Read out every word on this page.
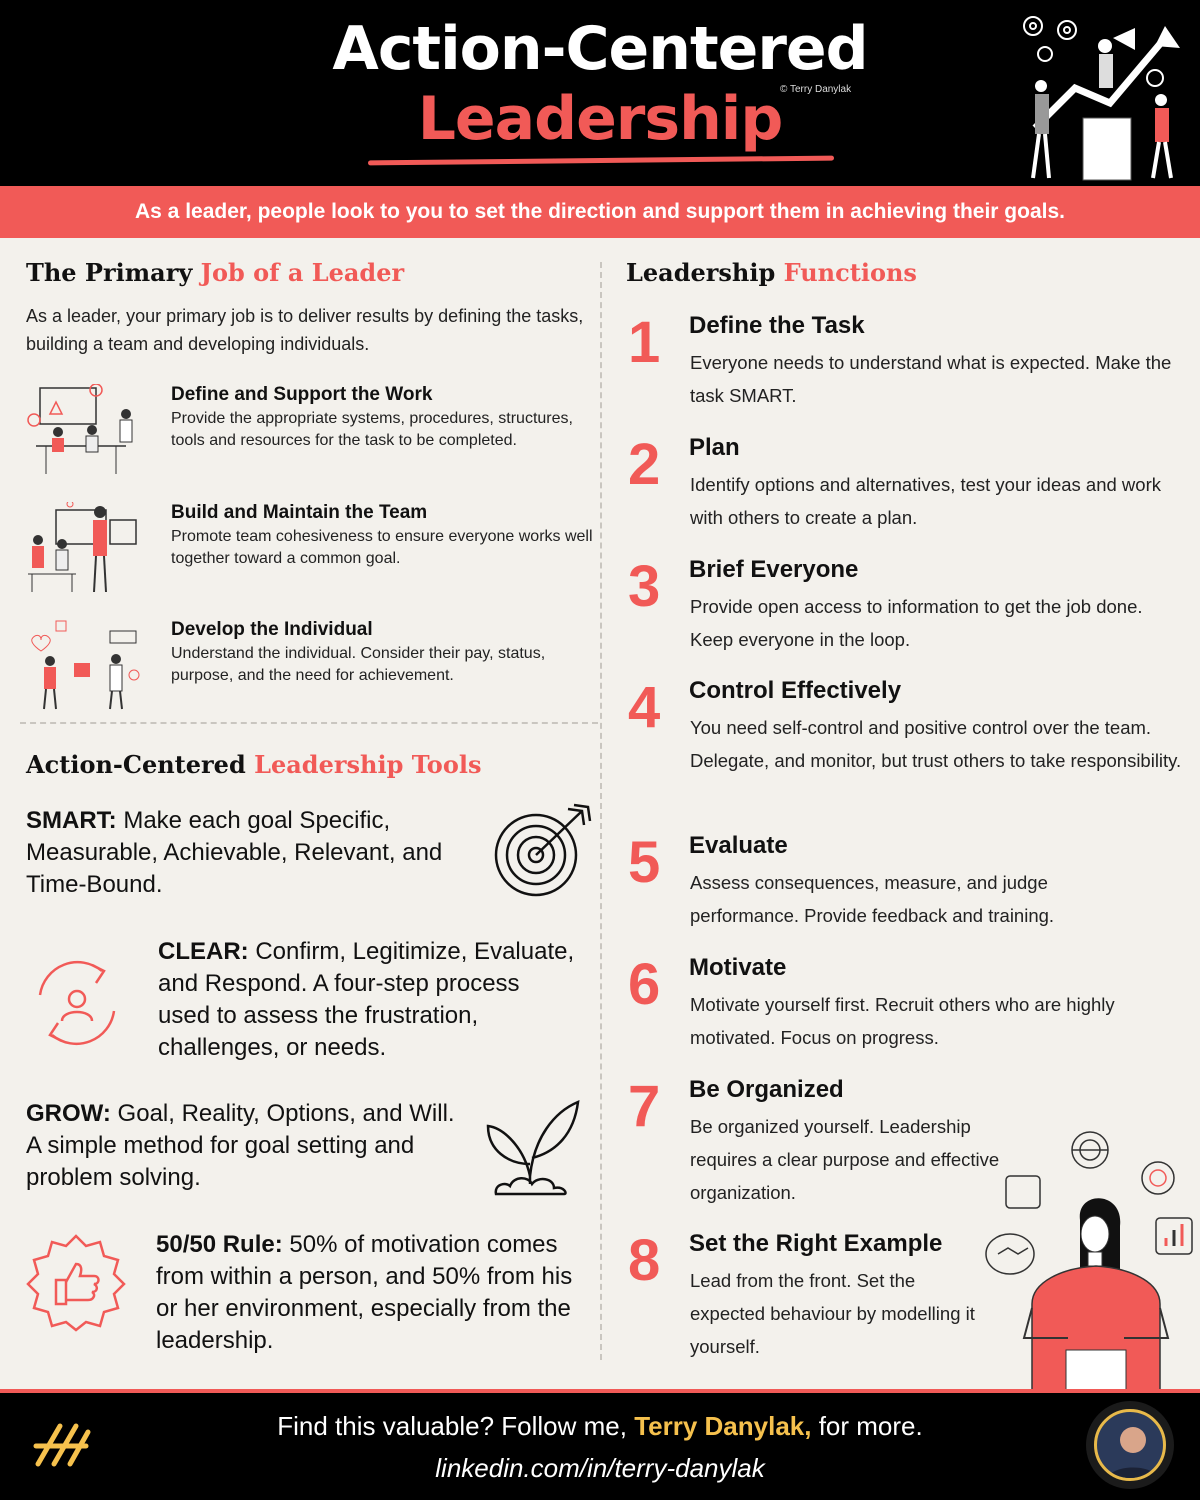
Action-Centered
Leadership
© Terry Danylak
As a leader, people look to you to set the direction and support them in achieving their goals.
The Primary Job of a Leader
As a leader, your primary job is to deliver results by defining the tasks, building a team and developing individuals.
Define and Support the Work
Provide the appropriate systems, procedures, structures, tools and resources for the task to be completed.
Build and Maintain the Team
Promote team cohesiveness to ensure everyone works well together toward a common goal.
Develop the Individual
Understand the individual. Consider their pay, status, purpose, and the need for achievement.
Action-Centered Leadership Tools
SMART: Make each goal Specific, Measurable, Achievable, Relevant, and Time-Bound.
CLEAR: Confirm, Legitimize, Evaluate, and Respond. A four-step process used to assess the frustration, challenges, or needs.
GROW: Goal, Reality, Options, and Will. A simple method for goal setting and problem solving.
50/50 Rule: 50% of motivation comes from within a person, and 50% from his or her environment, especially from the leadership.
Leadership Functions
1 Define the Task
Everyone needs to understand what is expected. Make the task SMART.
2 Plan
Identify options and alternatives, test your ideas and work with others to create a plan.
3 Brief Everyone
Provide open access to information to get the job done. Keep everyone in the loop.
4 Control Effectively
You need self-control and positive control over the team. Delegate, and monitor, but trust others to take responsibility.
5 Evaluate
Assess consequences, measure, and judge performance. Provide feedback and training.
6 Motivate
Motivate yourself first. Recruit others who are highly motivated. Focus on progress.
7 Be Organized
Be organized yourself. Leadership requires a clear purpose and effective organization.
8 Set the Right Example
Lead from the front. Set the expected behaviour by modelling it yourself.
Find this valuable? Follow me, Terry Danylak, for more.
linkedin.com/in/terry-danylak
